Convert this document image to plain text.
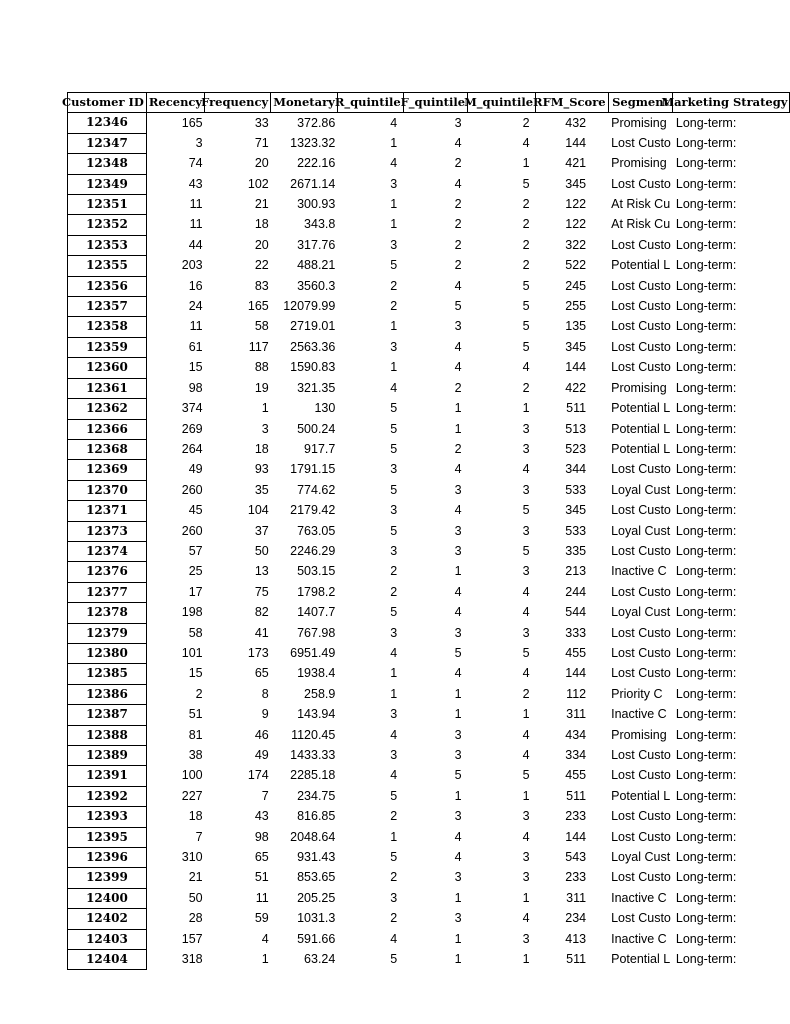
Customer ID	Recency	Frequency	Monetary	R_quintile	F_quintile	M_quintile	RFM_Score	Segment	Marketing Strategy
12346	165	33	372.86	4	3	2	432	Promising	Long-term:
12347	3	71	1323.32	1	4	4	144	Lost Custo	Long-term:
12348	74	20	222.16	4	2	1	421	Promising	Long-term:
12349	43	102	2671.14	3	4	5	345	Lost Custo	Long-term:
12351	11	21	300.93	1	2	2	122	At Risk Cu	Long-term:
12352	11	18	343.8	1	2	2	122	At Risk Cu	Long-term:
12353	44	20	317.76	3	2	2	322	Lost Custo	Long-term:
12355	203	22	488.21	5	2	2	522	Potential L	Long-term:
12356	16	83	3560.3	2	4	5	245	Lost Custo	Long-term:
12357	24	165	12079.99	2	5	5	255	Lost Custo	Long-term:
12358	11	58	2719.01	1	3	5	135	Lost Custo	Long-term:
12359	61	117	2563.36	3	4	5	345	Lost Custo	Long-term:
12360	15	88	1590.83	1	4	4	144	Lost Custo	Long-term:
12361	98	19	321.35	4	2	2	422	Promising	Long-term:
12362	374	1	130	5	1	1	511	Potential L	Long-term:
12366	269	3	500.24	5	1	3	513	Potential L	Long-term:
12368	264	18	917.7	5	2	3	523	Potential L	Long-term:
12369	49	93	1791.15	3	4	4	344	Lost Custo	Long-term:
12370	260	35	774.62	5	3	3	533	Loyal Cust	Long-term:
12371	45	104	2179.42	3	4	5	345	Lost Custo	Long-term:
12373	260	37	763.05	5	3	3	533	Loyal Cust	Long-term:
12374	57	50	2246.29	3	3	5	335	Lost Custo	Long-term:
12376	25	13	503.15	2	1	3	213	Inactive C	Long-term:
12377	17	75	1798.2	2	4	4	244	Lost Custo	Long-term:
12378	198	82	1407.7	5	4	4	544	Loyal Cust	Long-term:
12379	58	41	767.98	3	3	3	333	Lost Custo	Long-term:
12380	101	173	6951.49	4	5	5	455	Lost Custo	Long-term:
12385	15	65	1938.4	1	4	4	144	Lost Custo	Long-term:
12386	2	8	258.9	1	1	2	112	Priority C	Long-term:
12387	51	9	143.94	3	1	1	311	Inactive C	Long-term:
12388	81	46	1120.45	4	3	4	434	Promising	Long-term:
12389	38	49	1433.33	3	3	4	334	Lost Custo	Long-term:
12391	100	174	2285.18	4	5	5	455	Lost Custo	Long-term:
12392	227	7	234.75	5	1	1	511	Potential L	Long-term:
12393	18	43	816.85	2	3	3	233	Lost Custo	Long-term:
12395	7	98	2048.64	1	4	4	144	Lost Custo	Long-term:
12396	310	65	931.43	5	4	3	543	Loyal Cust	Long-term:
12399	21	51	853.65	2	3	3	233	Lost Custo	Long-term:
12400	50	11	205.25	3	1	1	311	Inactive C	Long-term:
12402	28	59	1031.3	2	3	4	234	Lost Custo	Long-term:
12403	157	4	591.66	4	1	3	413	Inactive C	Long-term:
12404	318	1	63.24	5	1	1	511	Potential L	Long-term:
